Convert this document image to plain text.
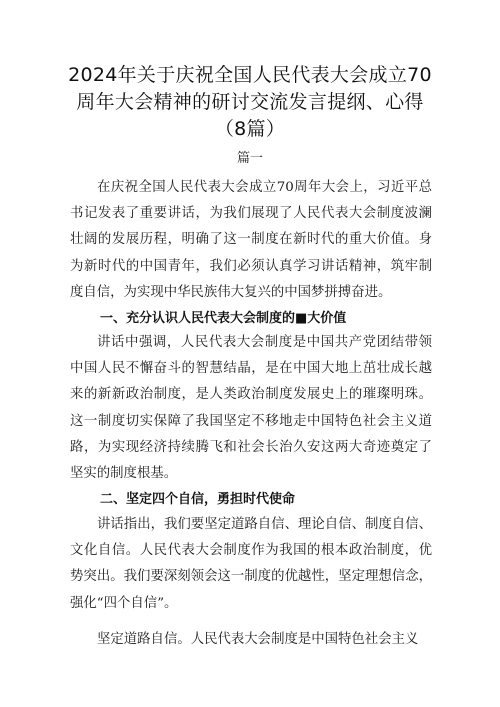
2024年关于庆祝全国人民代表大会成立70
周年大会精神的研讨交流发言提纲、心得
（8篇）
篇一
在庆祝全国人民代表大会成立70周年大会上，习近平总
书记发表了重要讲话，为我们展现了人民代表大会制度波澜
壮阔的发展历程，明确了这一制度在新时代的重大价值。身
为新时代的中国青年，我们必须认真学习讲话精神，筑牢制
度自信，为实现中华民族伟大复兴的中国梦拼搏奋进。
一、充分认识人民代表大会制度的■大价值
讲话中强调，人民代表大会制度是中国共产党团结带领
中国人民不懈奋斗的智慧结晶，是在中国大地上茁壮成长越
来的新新政治制度，是人类政治制度发展史上的璀璨明珠。
这一制度切实保障了我国坚定不移地走中国特色社会主义道
路，为实现经济持续腾飞和社会长治久安这两大奇迹奠定了
坚实的制度根基。
二、坚定四个自信，勇担时代使命
讲话指出，我们要坚定道路自信、理论自信、制度自信、
文化自信。人民代表大会制度作为我国的根本政治制度，优
势突出。我们要深刻领会这一制度的优越性，坚定理想信念，
强化“四个自信”。
坚定道路自信。人民代表大会制度是中国特色社会主义
